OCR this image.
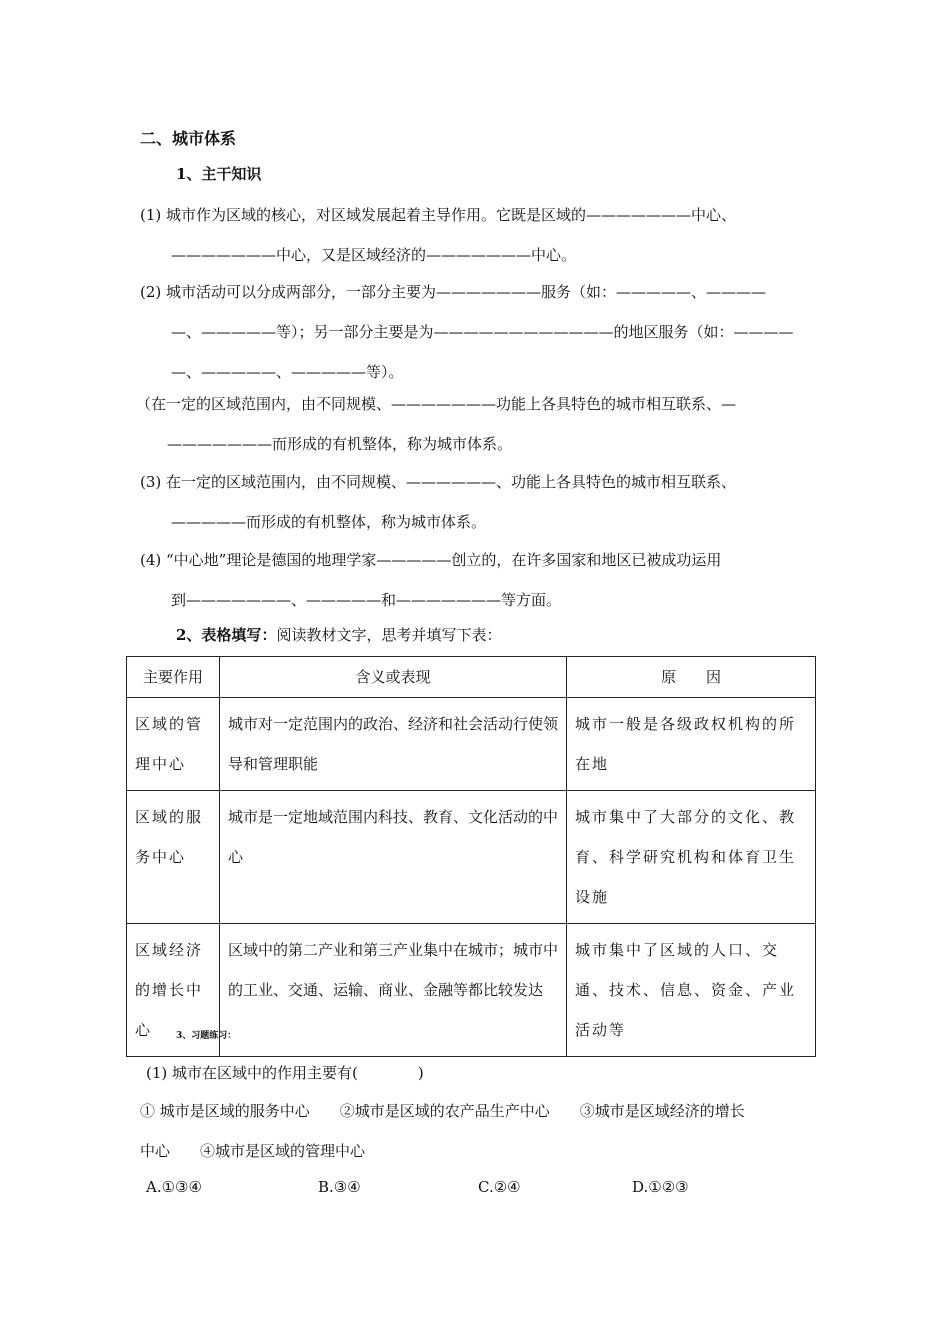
二、城市体系
1、主干知识
(1) 城市作为区域的核心，对区域发展起着主导作用。它既是区域的———————中心、
———————中心，又是区域经济的———————中心。
(2) 城市活动可以分成两部分，一部分主要为———————服务（如：—————、————
—、—————等）；另一部分主要是为————————————的地区服务（如：————
—、—————、—————等）。
（在一定的区域范围内，由不同规模、———————功能上各具特色的城市相互联系、—
———————而形成的有机整体，称为城市体系。
(3) 在一定的区域范围内，由不同规模、——————、功能上各具特色的城市相互联系、
—————而形成的有机整体，称为城市体系。
(4) “中心地”理论是德国的地理学家—————创立的，在许多国家和地区已被成功运用
到———————、—————和———————等方面。
2、表格填写：阅读教材文字，思考并填写下表：
主要作用	含义或表现	原　　因
区域的管理中心	城市对一定范围内的政治、经济和社会活动行使领导和管理职能	城市一般是各级政权机构的所在地
区域的服务中心	城市是一定地域范围内科技、教育、文化活动的中心	城市集中了大部分的文化、教育、科学研究机构和体育卫生设施
区域经济的增长中心	区域中的第二产业和第三产业集中在城市；城市中的工业、交通、运输、商业、金融等都比较发达	城市集中了区域的人口、交通、技术、信息、资金、产业活动等
3、习题练习：
(1) 城市在区域中的作用主要有(　　　　)
① 城市是区域的服务中心　　②城市是区域的农产品生产中心　　③城市是区域经济的增长
中心　　④城市是区域的管理中心
A.①③④	B.③④	C.②④	D.①②③
